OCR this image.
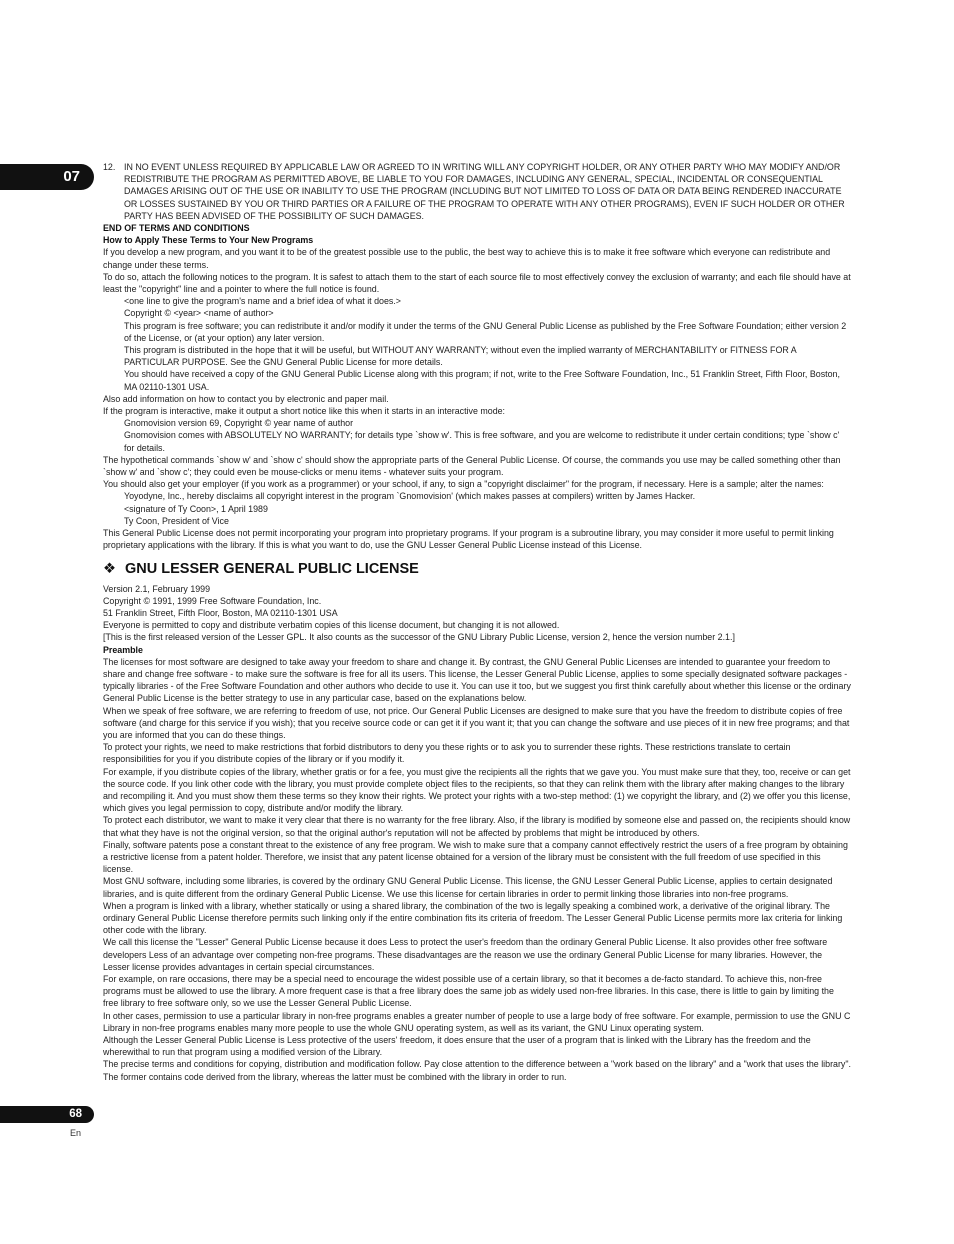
07
12. IN NO EVENT UNLESS REQUIRED BY APPLICABLE LAW OR AGREED TO IN WRITING WILL ANY COPYRIGHT HOLDER, OR ANY OTHER PARTY WHO MAY MODIFY AND/OR REDISTRIBUTE THE PROGRAM AS PERMITTED ABOVE, BE LIABLE TO YOU FOR DAMAGES, INCLUDING ANY GENERAL, SPECIAL, INCIDENTAL OR CONSEQUENTIAL DAMAGES ARISING OUT OF THE USE OR INABILITY TO USE THE PROGRAM (INCLUDING BUT NOT LIMITED TO LOSS OF DATA OR DATA BEING RENDERED INACCURATE OR LOSSES SUSTAINED BY YOU OR THIRD PARTIES OR A FAILURE OF THE PROGRAM TO OPERATE WITH ANY OTHER PROGRAMS), EVEN IF SUCH HOLDER OR OTHER PARTY HAS BEEN ADVISED OF THE POSSIBILITY OF SUCH DAMAGES.

END OF TERMS AND CONDITIONS

How to Apply These Terms to Your New Programs

If you develop a new program, and you want it to be of the greatest possible use to the public, the best way to achieve this is to make it free software which everyone can redistribute and change under these terms.

To do so, attach the following notices to the program. It is safest to attach them to the start of each source file to most effectively convey the exclusion of warranty; and each file should have at least the "copyright" line and a pointer to where the full notice is found.

<one line to give the program's name and a brief idea of what it does.>

Copyright © <year> <name of author>

This program is free software; you can redistribute it and/or modify it under the terms of the GNU General Public License as published by the Free Software Foundation; either version 2 of the License, or (at your option) any later version.

This program is distributed in the hope that it will be useful, but WITHOUT ANY WARRANTY; without even the implied warranty of MERCHANTABILITY or FITNESS FOR A PARTICULAR PURPOSE. See the GNU General Public License for more details.

You should have received a copy of the GNU General Public License along with this program; if not, write to the Free Software Foundation, Inc., 51 Franklin Street, Fifth Floor, Boston, MA 02110-1301 USA.

Also add information on how to contact you by electronic and paper mail.

If the program is interactive, make it output a short notice like this when it starts in an interactive mode:

Gnomovision version 69, Copyright © year name of author

Gnomovision comes with ABSOLUTELY NO WARRANTY; for details type `show w'. This is free software, and you are welcome to redistribute it under certain conditions; type `show c' for details.

The hypothetical commands `show w' and `show c' should show the appropriate parts of the General Public License. Of course, the commands you use may be called something other than `show w' and `show c'; they could even be mouse-clicks or menu items - whatever suits your program.

You should also get your employer (if you work as a programmer) or your school, if any, to sign a "copyright disclaimer" for the program, if necessary. Here is a sample; alter the names:

Yoyodyne, Inc., hereby disclaims all copyright interest in the program `Gnomovision' (which makes passes at compilers) written by James Hacker.

<signature of Ty Coon>, 1 April 1989

Ty Coon, President of Vice

This General Public License does not permit incorporating your program into proprietary programs. If your program is a subroutine library, you may consider it more useful to permit linking proprietary applications with the library. If this is what you want to do, use the GNU Lesser General Public License instead of this License.

❖ GNU LESSER GENERAL PUBLIC LICENSE

Version 2.1, February 1999

Copyright © 1991, 1999 Free Software Foundation, Inc.

51 Franklin Street, Fifth Floor, Boston, MA 02110-1301 USA

Everyone is permitted to copy and distribute verbatim copies of this license document, but changing it is not allowed.

[This is the first released version of the Lesser GPL. It also counts as the successor of the GNU Library Public License, version 2, hence the version number 2.1.]

Preamble

The licenses for most software are designed to take away your freedom to share and change it. By contrast, the GNU General Public Licenses are intended to guarantee your freedom to share and change free software - to make sure the software is free for all its users. This license, the Lesser General Public License, applies to some specially designated software packages - typically libraries - of the Free Software Foundation and other authors who decide to use it. You can use it too, but we suggest you first think carefully about whether this license or the ordinary General Public License is the better strategy to use in any particular case, based on the explanations below.

When we speak of free software, we are referring to freedom of use, not price. Our General Public Licenses are designed to make sure that you have the freedom to distribute copies of free software (and charge for this service if you wish); that you receive source code or can get it if you want it; that you can change the software and use pieces of it in new free programs; and that you are informed that you can do these things.

To protect your rights, we need to make restrictions that forbid distributors to deny you these rights or to ask you to surrender these rights. These restrictions translate to certain responsibilities for you if you distribute copies of the library or if you modify it.

For example, if you distribute copies of the library, whether gratis or for a fee, you must give the recipients all the rights that we gave you. You must make sure that they, too, receive or can get the source code. If you link other code with the library, you must provide complete object files to the recipients, so that they can relink them with the library after making changes to the library and recompiling it. And you must show them these terms so they know their rights. We protect your rights with a two-step method: (1) we copyright the library, and (2) we offer you this license, which gives you legal permission to copy, distribute and/or modify the library.

To protect each distributor, we want to make it very clear that there is no warranty for the free library. Also, if the library is modified by someone else and passed on, the recipients should know that what they have is not the original version, so that the original author's reputation will not be affected by problems that might be introduced by others.

Finally, software patents pose a constant threat to the existence of any free program. We wish to make sure that a company cannot effectively restrict the users of a free program by obtaining a restrictive license from a patent holder. Therefore, we insist that any patent license obtained for a version of the library must be consistent with the full freedom of use specified in this license.

Most GNU software, including some libraries, is covered by the ordinary GNU General Public License. This license, the GNU Lesser General Public License, applies to certain designated libraries, and is quite different from the ordinary General Public License. We use this license for certain libraries in order to permit linking those libraries into non-free programs.

When a program is linked with a library, whether statically or using a shared library, the combination of the two is legally speaking a combined work, a derivative of the original library. The ordinary General Public License therefore permits such linking only if the entire combination fits its criteria of freedom. The Lesser General Public License permits more lax criteria for linking other code with the library.

We call this license the "Lesser" General Public License because it does Less to protect the user's freedom than the ordinary General Public License. It also provides other free software developers Less of an advantage over competing non-free programs. These disadvantages are the reason we use the ordinary General Public License for many libraries. However, the Lesser license provides advantages in certain special circumstances.

For example, on rare occasions, there may be a special need to encourage the widest possible use of a certain library, so that it becomes a de-facto standard. To achieve this, non-free programs must be allowed to use the library. A more frequent case is that a free library does the same job as widely used non-free libraries. In this case, there is little to gain by limiting the free library to free software only, so we use the Lesser General Public License.

In other cases, permission to use a particular library in non-free programs enables a greater number of people to use a large body of free software. For example, permission to use the GNU C Library in non-free programs enables many more people to use the whole GNU operating system, as well as its variant, the GNU Linux operating system.

Although the Lesser General Public License is Less protective of the users' freedom, it does ensure that the user of a program that is linked with the Library has the freedom and the wherewithal to run that program using a modified version of the Library.

The precise terms and conditions for copying, distribution and modification follow. Pay close attention to the difference between a "work based on the library" and a "work that uses the library". The former contains code derived from the library, whereas the latter must be combined with the library in order to run.

68
En
